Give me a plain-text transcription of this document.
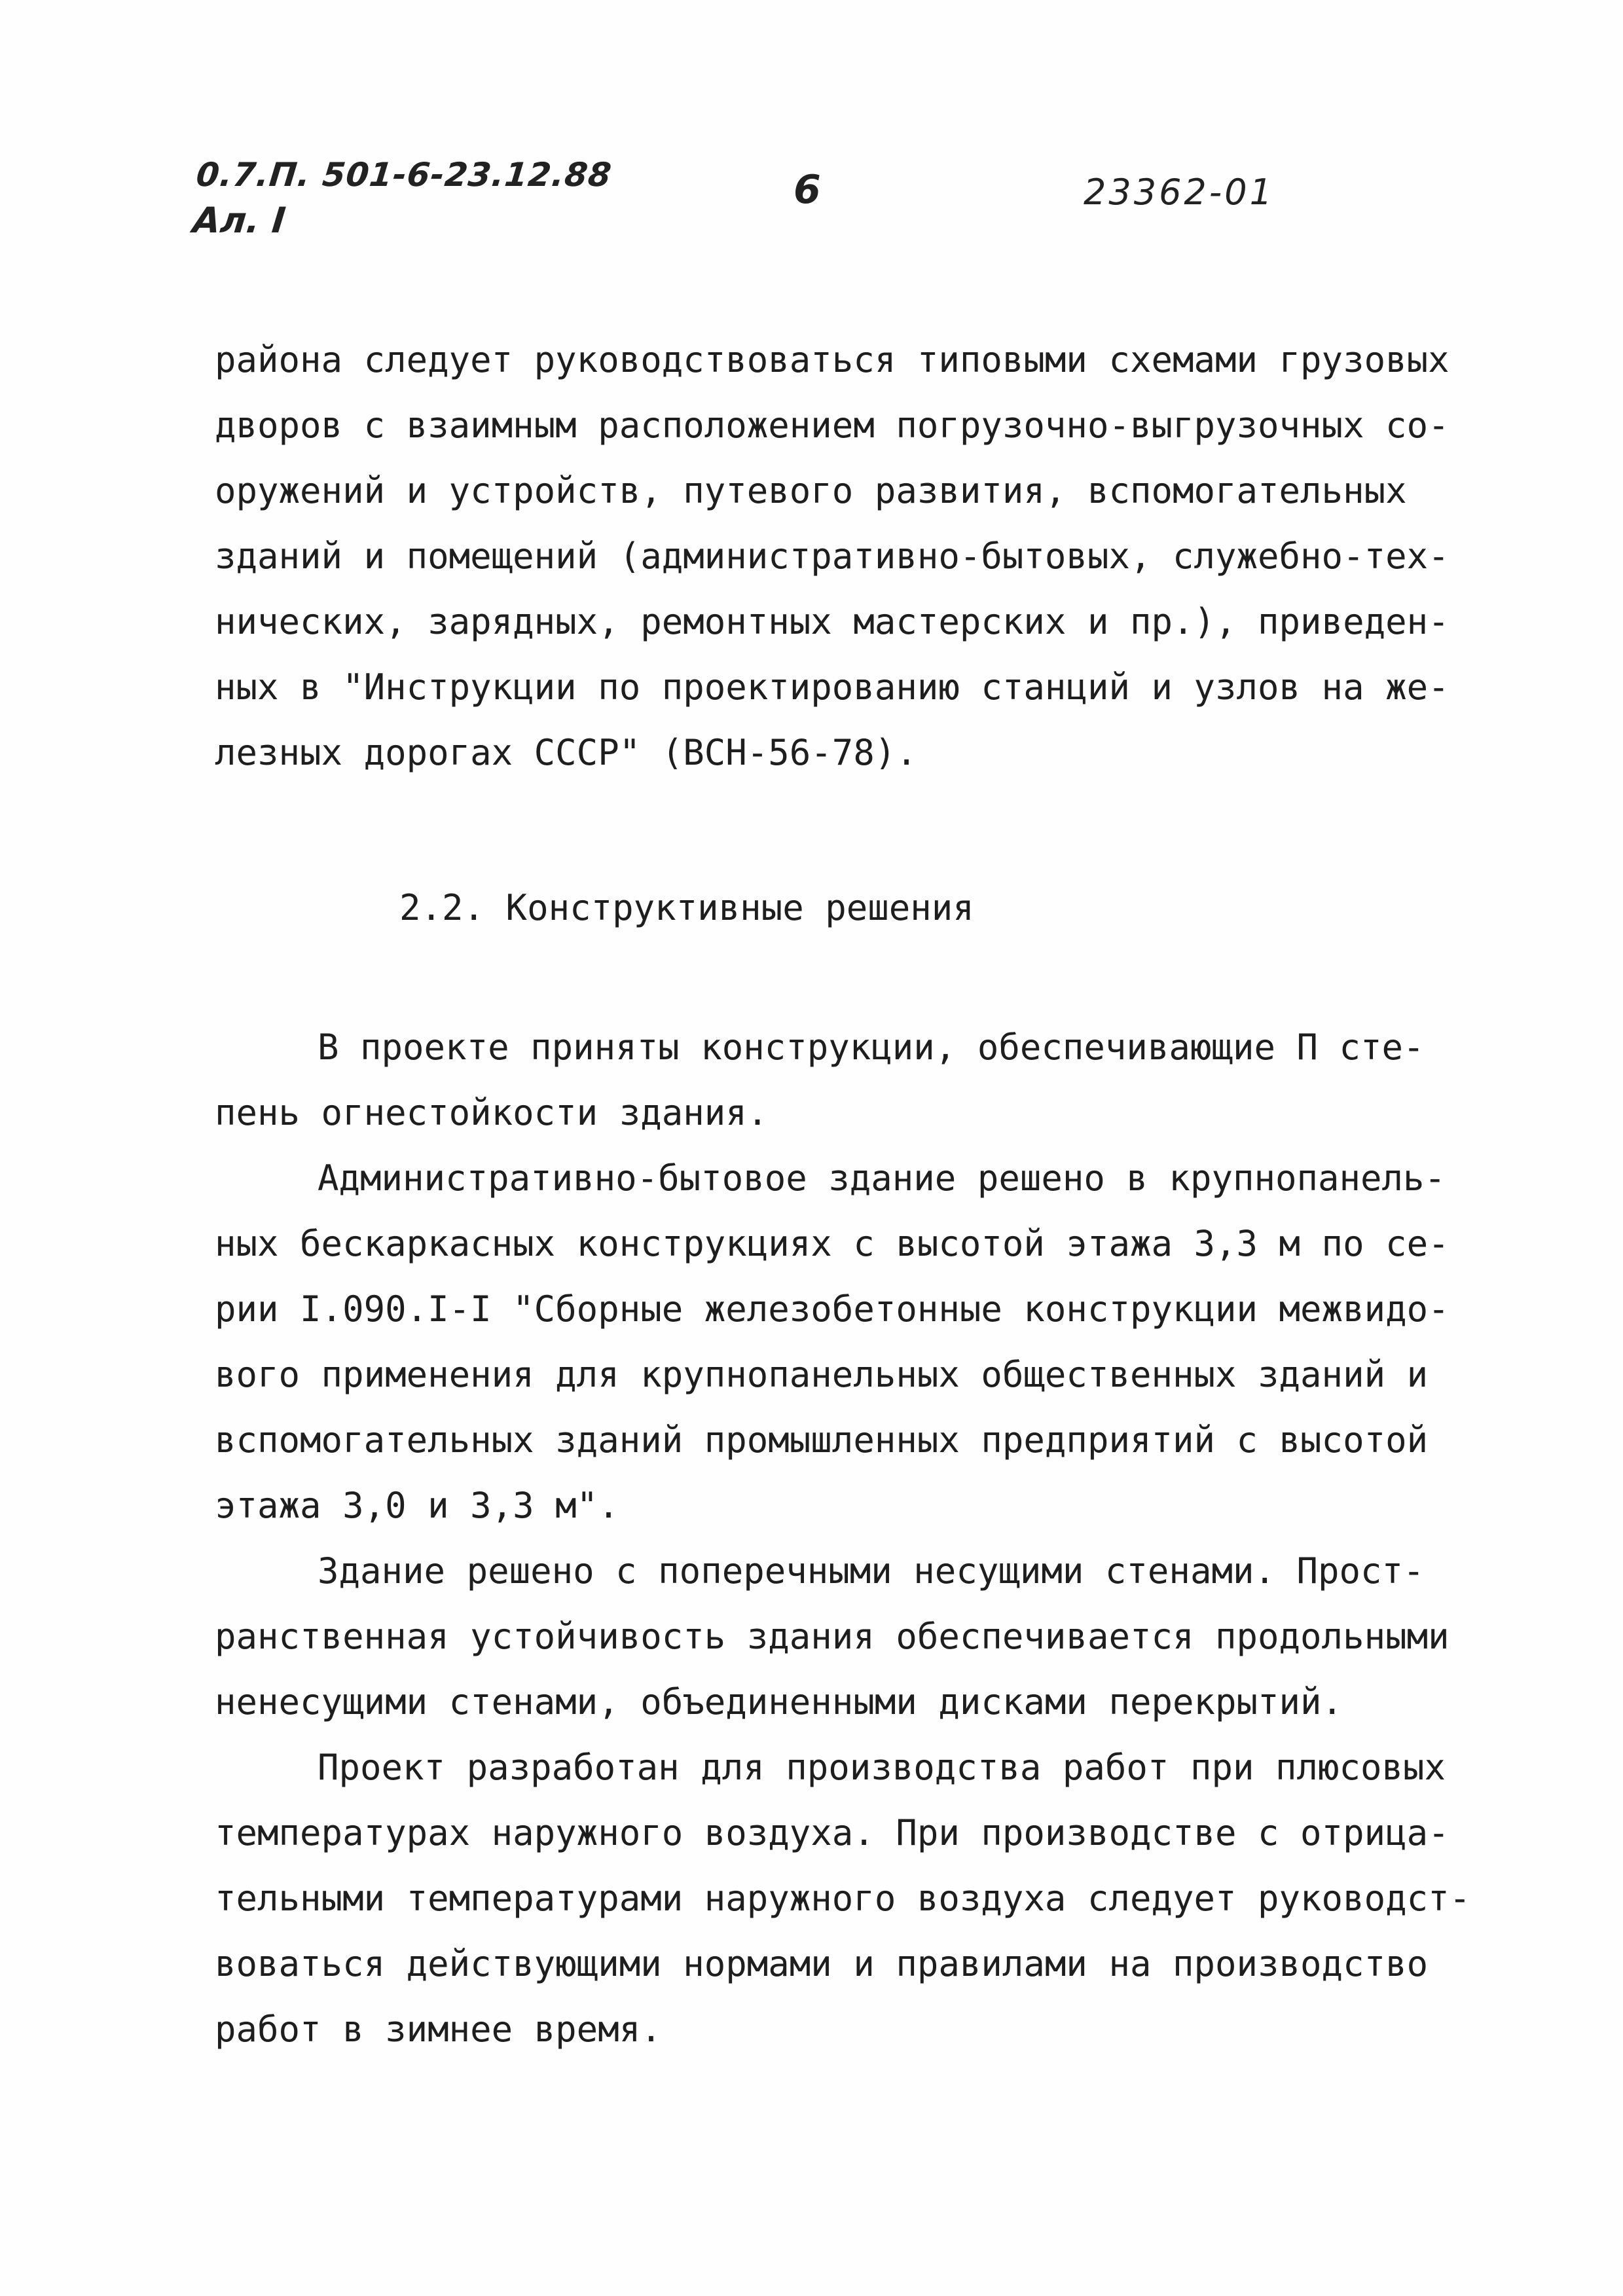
0.7.П. 501-6-23.12.88
Ал. I
6	23362-01
района следует руководствоваться типовыми схемами грузовых
дворов с взаимным расположением погрузочно-выгрузочных со-
оружений и устройств, путевого развития, вспомогательных
зданий и помещений (административно-бытовых, служебно-тех-
нических, зарядных, ремонтных мастерских и пр.), приведен-
ных в "Инструкции по проектированию станций и узлов на же-
лезных дорогах СССР" (ВСН-56-78).
В проекте приняты конструкции, обеспечивающие П сте-
пень огнестойкости здания.
Административно-бытовое здание решено в крупнопанель-
ных бескаркасных конструкциях с высотой этажа 3,3 м по се-
рии I.090.I-I "Сборные железобетонные конструкции межвидо-
вого применения для крупнопанельных общественных зданий и
вспомогательных зданий промышленных предприятий с высотой
этажа 3,0 и 3,3 м".
Здание решено с поперечными несущими стенами. Прост-
ранственная устойчивость здания обеспечивается продольными
ненесущими стенами, объединенными дисками перекрытий.
Проект разработан для производства работ при плюсовых
температурах наружного воздуха. При производстве с отрица-
тельными температурами наружного воздуха следует руководст-
воваться действующими нормами и правилами на производство
работ в зимнее время.
2.2. Конструктивные решения
